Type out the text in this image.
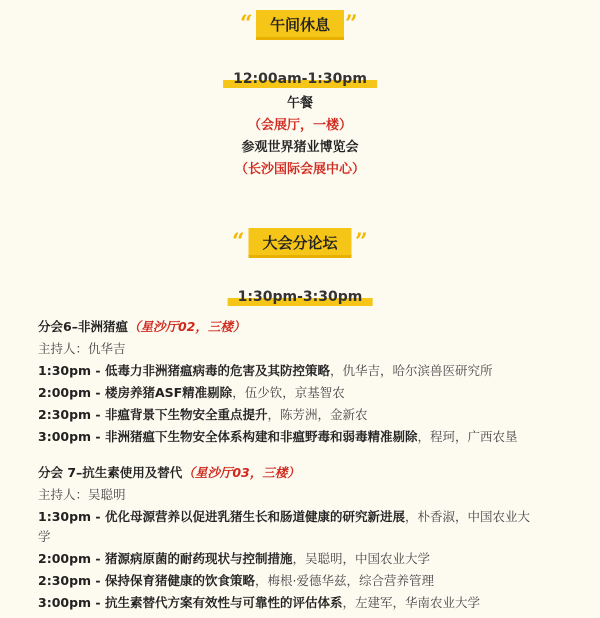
“	午间休息 ”
12:00am-1:30pm
午餐
（会展厅，一楼）
参观世界猪业博览会
（长沙国际会展中心）
“	大会分论坛 ”
1:30pm-3:30pm
分会6–非洲猪瘟（星沙厅02，三楼）
主持人：仇华吉
1:30pm - 低毒力非洲猪瘟病毒的危害及其防控策略，仇华吉，哈尔滨兽医研究所
2:00pm - 楼房养猪ASF精准剔除，伍少钦，京基智农
2:30pm - 非瘟背景下生物安全重点提升，陈芳洲，金新农
3:00pm - 非洲猪瘟下生物安全体系构建和非瘟野毒和弱毒精准剔除，程珂，广西农垦
分会 7–抗生素使用及替代（星沙厅03，三楼）
主持人：吴聪明
1:30pm - 优化母源营养以促进乳猪生长和肠道健康的研究新进展，朴香淑，中国农业大
学
2:00pm - 猪源病原菌的耐药现状与控制措施，吴聪明，中国农业大学
2:30pm - 保持保育猪健康的饮食策略，梅根·爱德华兹，综合营养管理
3:00pm - 抗生素替代方案有效性与可靠性的评估体系，左建军，华南农业大学
